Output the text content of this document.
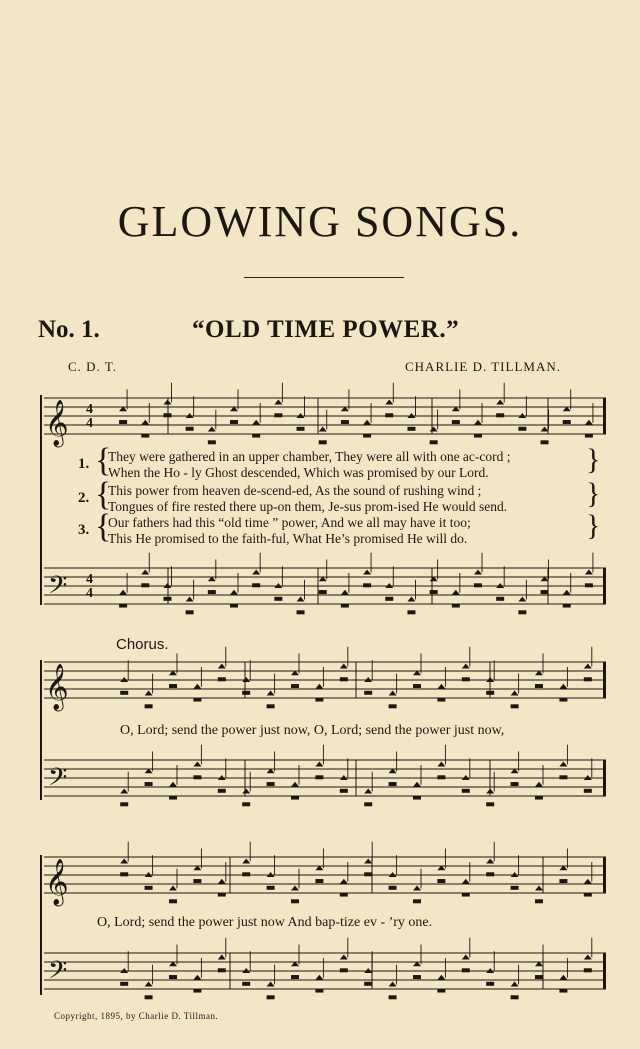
GLOWING SONGS.
No. 1.	“OLD TIME POWER.”
C. D. T.	CHARLIE D. TILLMAN.
𝄞
𝄢
4
4
4
4
𝄞
𝄢
𝄞
𝄢
1. {
They were gathered in an upper chamber, They were all with one ac-cord ;
When the Ho - ly Ghost descended, Which was promised by our Lord.	}
2. {
This power from heaven de-scend-ed, As the sound of rushing wind ;
Tongues of fire rested there up-on them, Je-sus prom-ised He would send.	}
3. {
Our fathers had this “old time ” power, And we all may have it too;
This He promised to the faith-ful, What He’s promised He will do.	}
Chorus.
O, Lord; send the power just now, O, Lord; send the power just now,
O, Lord; send the power just now And bap-tize ev - ’ry one.
Copyright, 1895, by Charlie D. Tillman.
